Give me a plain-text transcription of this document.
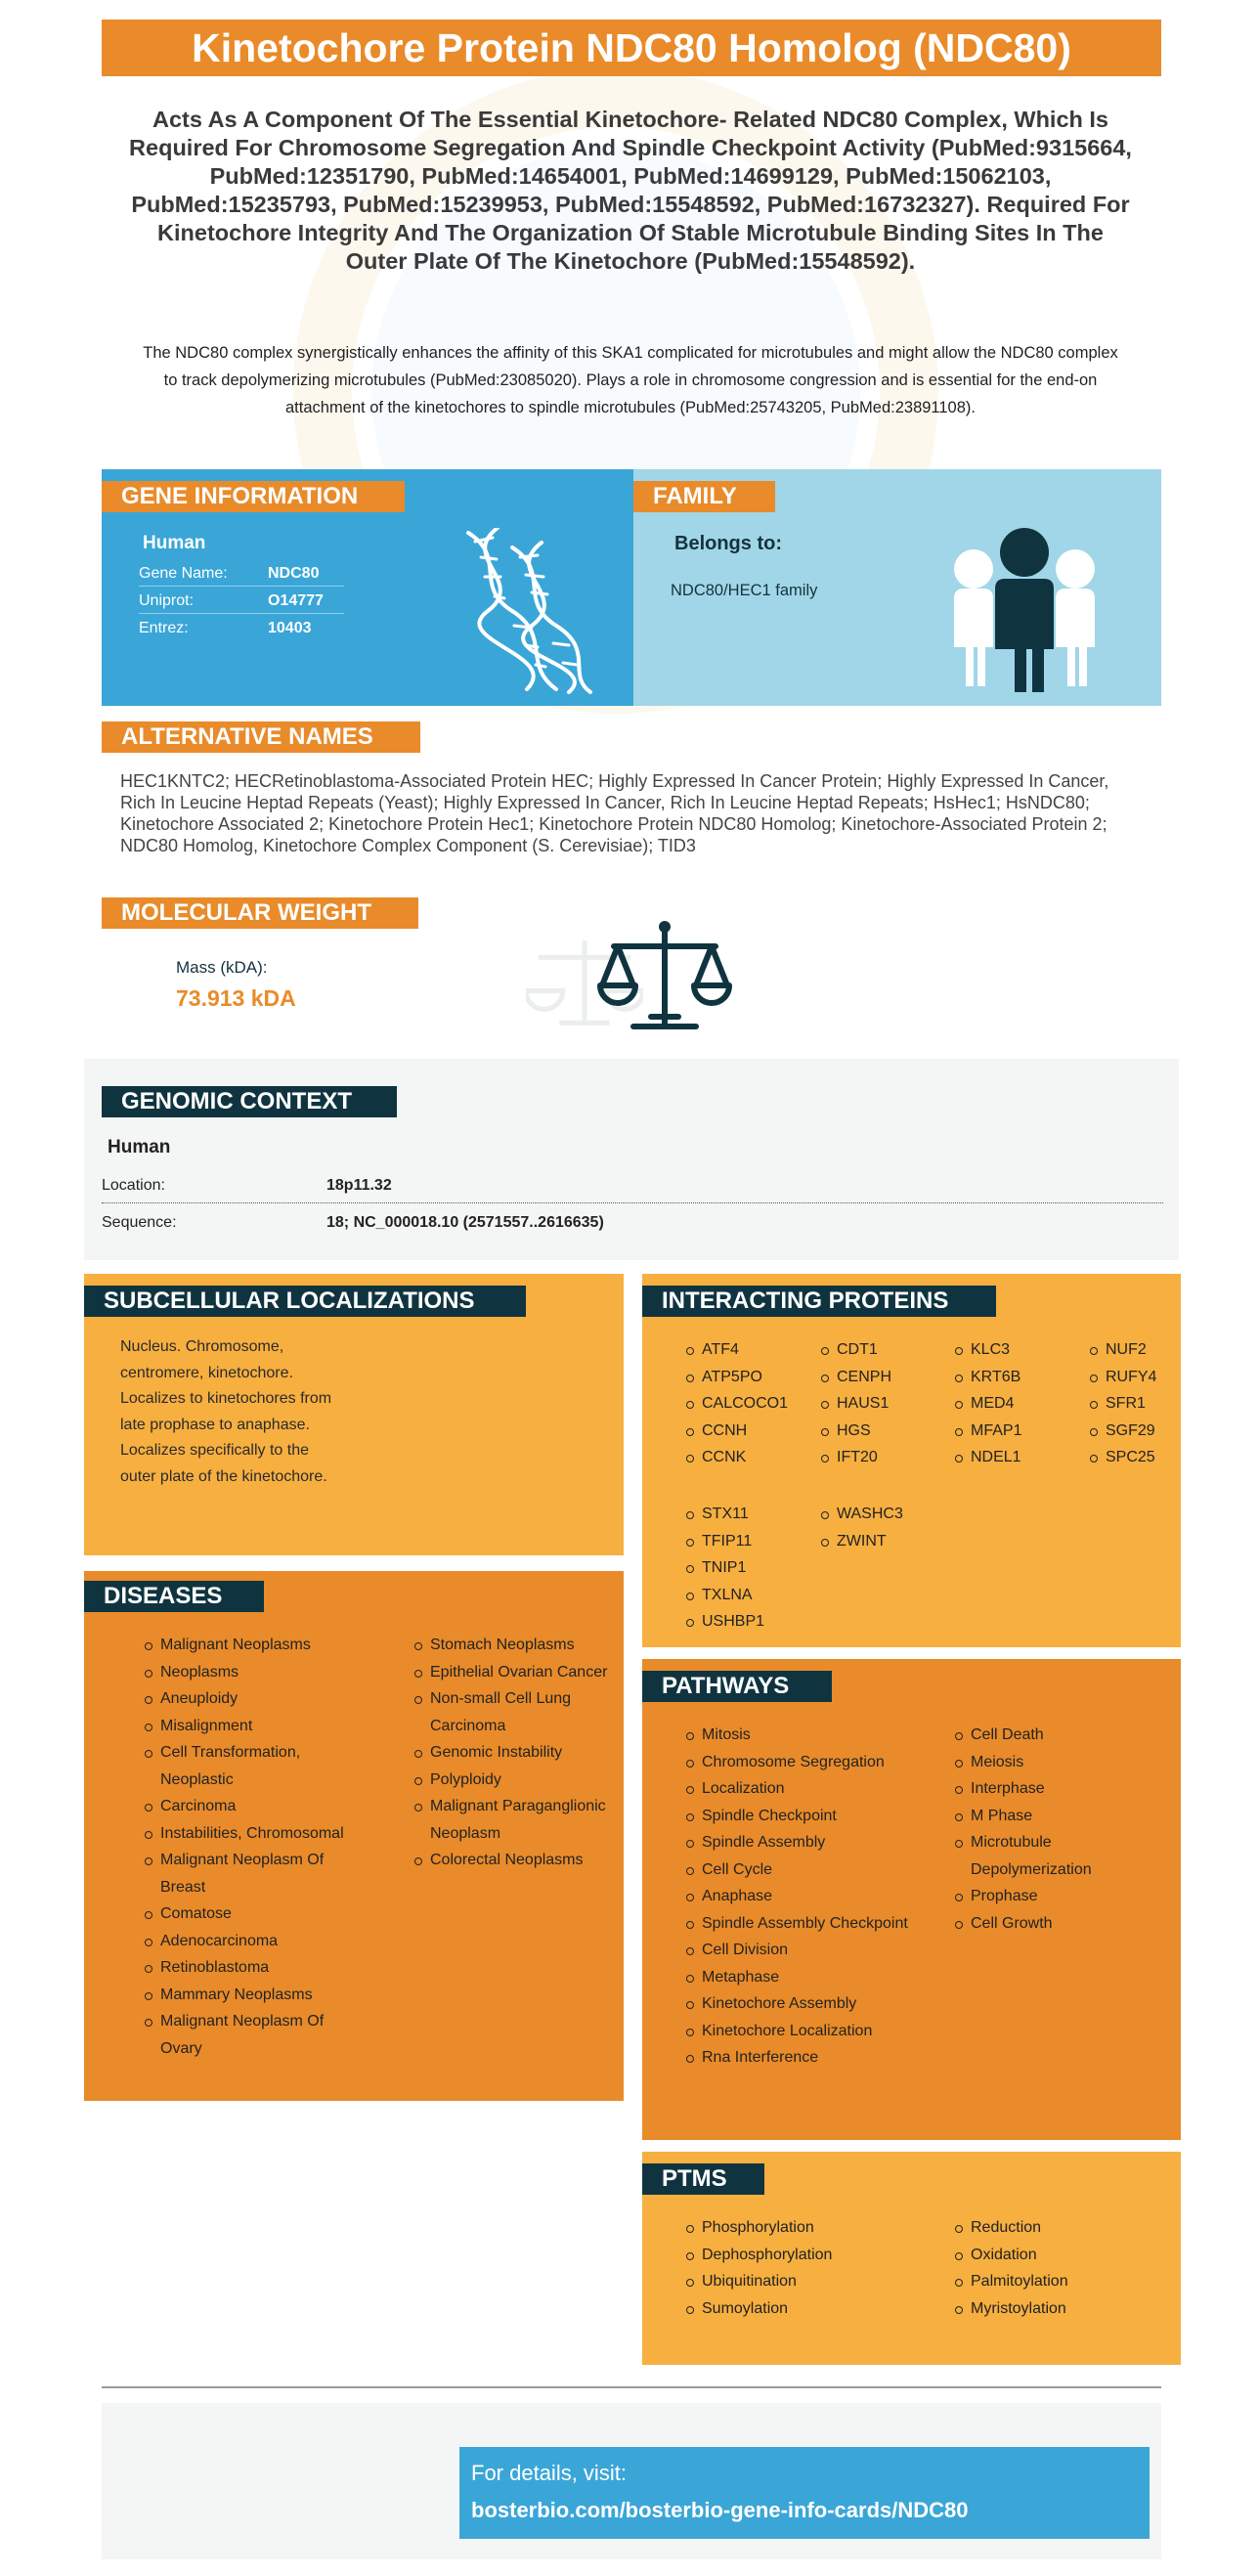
Kinetochore Protein NDC80 Homolog (NDC80)
Acts As A Component Of The Essential Kinetochore- Related NDC80 Complex, Which Is Required For Chromosome Segregation And Spindle Checkpoint Activity (PubMed:9315664, PubMed:12351790, PubMed:14654001, PubMed:14699129, PubMed:15062103, PubMed:15235793, PubMed:15239953, PubMed:15548592, PubMed:16732327). Required For Kinetochore Integrity And The Organization Of Stable Microtubule Binding Sites In The Outer Plate Of The Kinetochore (PubMed:15548592).
The NDC80 complex synergistically enhances the affinity of this SKA1 complicated for microtubules and might allow the NDC80 complex to track depolymerizing microtubules (PubMed:23085020). Plays a role in chromosome congression and is essential for the end-on attachment of the kinetochores to spindle microtubules (PubMed:25743205, PubMed:23891108).
GENE INFORMATION
Human
Gene Name:	NDC80
Uniprot:	O14777
Entrez:	10403
FAMILY
Belongs to:
NDC80/HEC1 family
ALTERNATIVE NAMES
HEC1KNTC2; HECRetinoblastoma-Associated Protein HEC; Highly Expressed In Cancer Protein; Highly Expressed In Cancer, Rich In Leucine Heptad Repeats (Yeast); Highly Expressed In Cancer, Rich In Leucine Heptad Repeats; HsHec1; HsNDC80; Kinetochore Associated 2; Kinetochore Protein Hec1; Kinetochore Protein NDC80 Homolog; Kinetochore-Associated Protein 2; NDC80 Homolog, Kinetochore Complex Component (S. Cerevisiae); TID3
MOLECULAR WEIGHT
Mass (kDA):
73.913 kDA
GENOMIC CONTEXT
Human
Location:	18p11.32
Sequence:	18; NC_000018.10 (2571557..2616635)
SUBCELLULAR LOCALIZATIONS
Nucleus. Chromosome, centromere, kinetochore. Localizes to kinetochores from late prophase to anaphase. Localizes specifically to the outer plate of the kinetochore.
DISEASES
Malignant Neoplasms
Neoplasms
Aneuploidy
Misalignment
Cell Transformation, Neoplastic
Carcinoma
Instabilities, Chromosomal
Malignant Neoplasm Of Breast
Comatose
Adenocarcinoma
Retinoblastoma
Mammary Neoplasms
Malignant Neoplasm Of Ovary
Stomach Neoplasms
Epithelial Ovarian Cancer
Non-small Cell Lung Carcinoma
Genomic Instability
Polyploidy
Malignant Paraganglionic Neoplasm
Colorectal Neoplasms
INTERACTING PROTEINS
ATF4
ATP5PO
CALCOCO1
CCNH
CCNK
CDT1
CENPH
HAUS1
HGS
IFT20
KLC3
KRT6B
MED4
MFAP1
NDEL1
NUF2
RUFY4
SFR1
SGF29
SPC25
STX11
TFIP11
TNIP1
TXLNA
USHBP1
WASHC3
ZWINT
PATHWAYS
Mitosis
Chromosome Segregation
Localization
Spindle Checkpoint
Spindle Assembly
Cell Cycle
Anaphase
Spindle Assembly Checkpoint
Cell Division
Metaphase
Kinetochore Assembly
Kinetochore Localization
Rna Interference
Cell Death
Meiosis
Interphase
M Phase
Microtubule Depolymerization
Prophase
Cell Growth
PTMS
Phosphorylation
Dephosphorylation
Ubiquitination
Sumoylation
Reduction
Oxidation
Palmitoylation
Myristoylation
For details, visit:
bosterbio.com/bosterbio-gene-info-cards/NDC80
